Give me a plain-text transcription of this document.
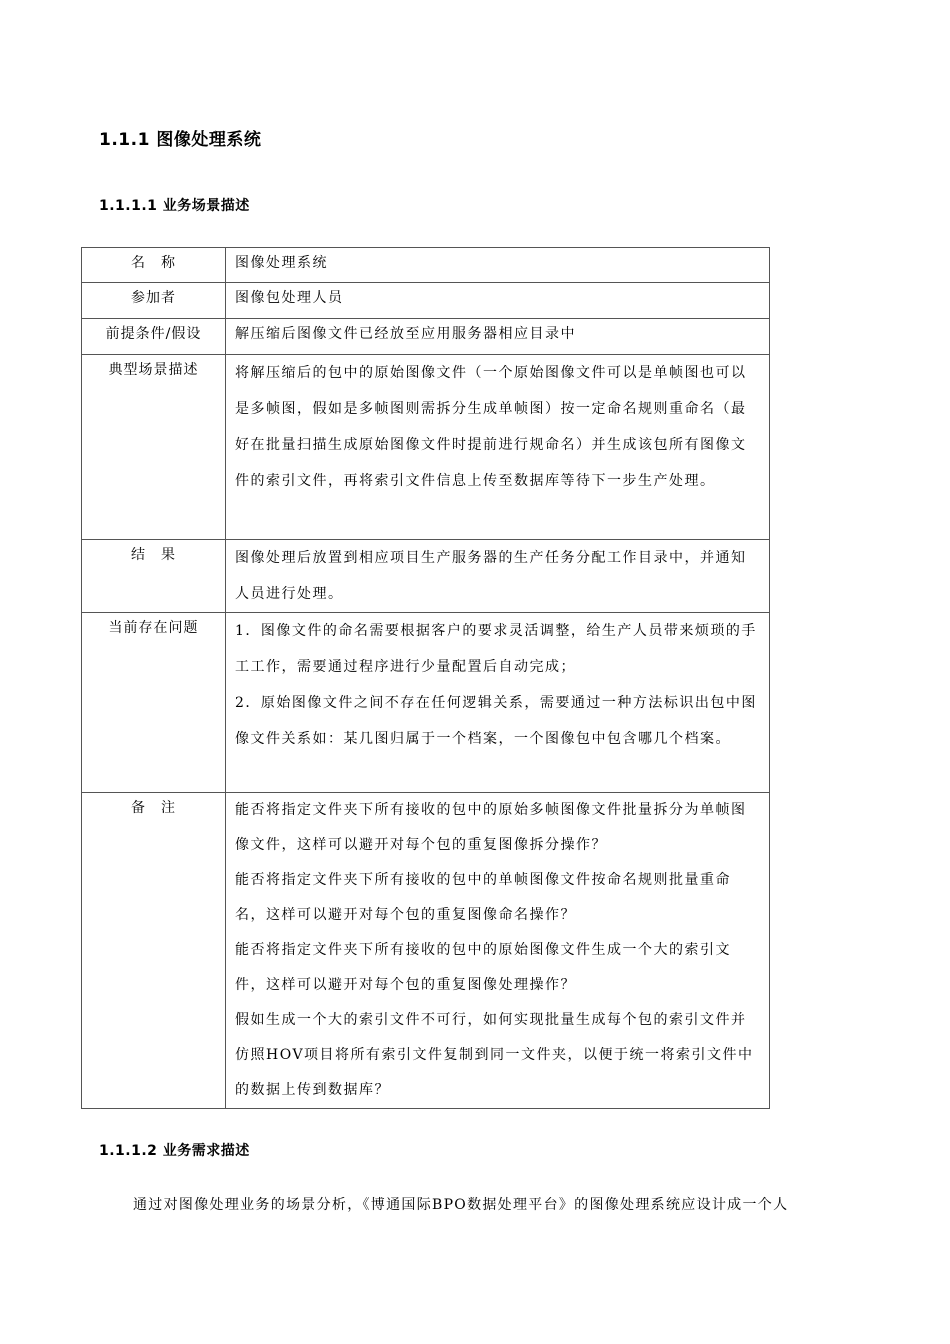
1.1.1 图像处理系统
1.1.1.1 业务场景描述
名　称	图像处理系统
参加者	图像包处理人员
前提条件/假设	解压缩后图像文件已经放至应用服务器相应目录中
典型场景描述	将解压缩后的包中的原始图像文件（一个原始图像文件可以是单帧图也可以是多帧图，假如是多帧图则需拆分生成单帧图）按一定命名规则重命名（最好在批量扫描生成原始图像文件时提前进行规命名）并生成该包所有图像文件的索引文件，再将索引文件信息上传至数据库等待下一步生产处理。
结　果	图像处理后放置到相应项目生产服务器的生产任务分配工作目录中，并通知人员进行处理。
当前存在问题	1．图像文件的命名需要根据客户的要求灵活调整，给生产人员带来烦琐的手工工作，需要通过程序进行少量配置后自动完成；

2．原始图像文件之间不存在任何逻辑关系，需要通过一种方法标识出包中图像文件关系如：某几图归属于一个档案，一个图像包中包含哪几个档案。

备　注	能否将指定文件夹下所有接收的包中的原始多帧图像文件批量拆分为单帧图像文件，这样可以避开对每个包的重复图像拆分操作？

能否将指定文件夹下所有接收的包中的单帧图像文件按命名规则批量重命名，这样可以避开对每个包的重复图像命名操作？

能否将指定文件夹下所有接收的包中的原始图像文件生成一个大的索引文件，这样可以避开对每个包的重复图像处理操作？

假如生成一个大的索引文件不可行，如何实现批量生成每个包的索引文件并仿照HOV项目将所有索引文件复制到同一文件夹，以便于统一将索引文件中的数据上传到数据库？

1.1.1.2 业务需求描述
通过对图像处理业务的场景分析，《博通国际BPO数据处理平台》的图像处理系统应设计成一个人
